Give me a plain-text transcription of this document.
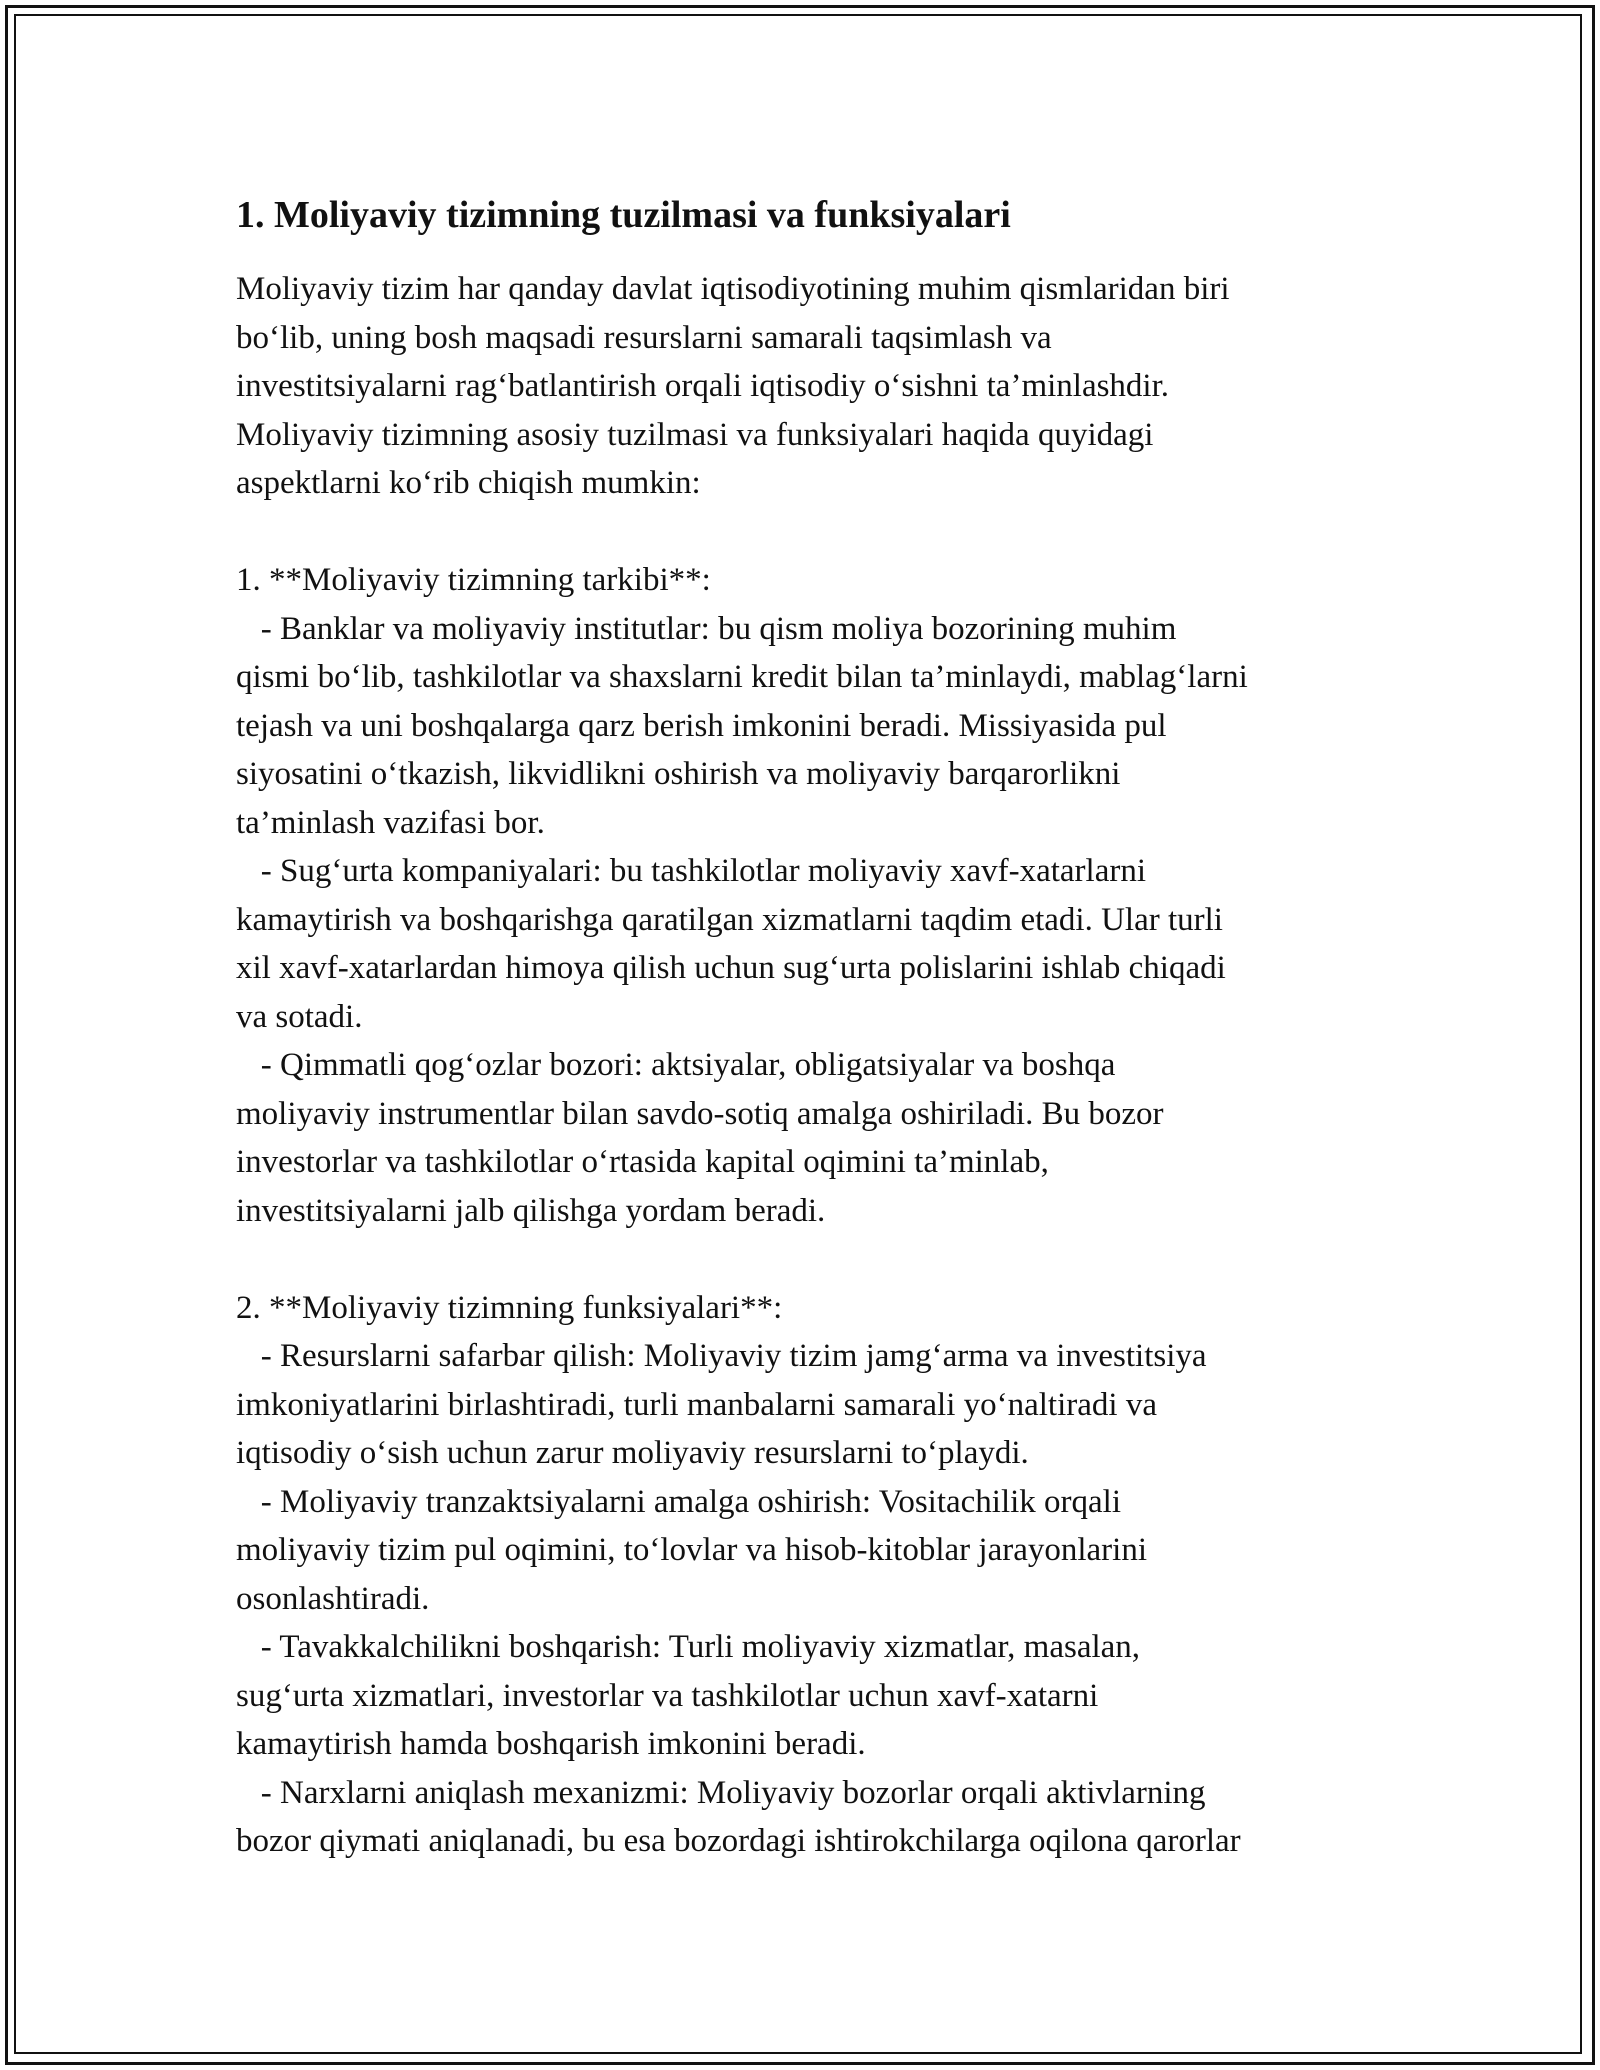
1. Moliyaviy tizimning tuzilmasi va funksiyalari
Moliyaviy tizim har qanday davlat iqtisodiyotining muhim qismlaridan biri
bo‘lib, uning bosh maqsadi resurslarni samarali taqsimlash va
investitsiyalarni rag‘batlantirish orqali iqtisodiy o‘sishni ta’minlashdir.
Moliyaviy tizimning asosiy tuzilmasi va funksiyalari haqida quyidagi
aspektlarni ko‘rib chiqish mumkin:
1. **Moliyaviy tizimning tarkibi**:
- Banklar va moliyaviy institutlar: bu qism moliya bozorining muhim
qismi bo‘lib, tashkilotlar va shaxslarni kredit bilan ta’minlaydi, mablag‘larni
tejash va uni boshqalarga qarz berish imkonini beradi. Missiyasida pul
siyosatini o‘tkazish, likvidlikni oshirish va moliyaviy barqarorlikni
ta’minlash vazifasi bor.
- Sug‘urta kompaniyalari: bu tashkilotlar moliyaviy xavf-xatarlarni
kamaytirish va boshqarishga qaratilgan xizmatlarni taqdim etadi. Ular turli
xil xavf-xatarlardan himoya qilish uchun sug‘urta polislarini ishlab chiqadi
va sotadi.
- Qimmatli qog‘ozlar bozori: aktsiyalar, obligatsiyalar va boshqa
moliyaviy instrumentlar bilan savdo-sotiq amalga oshiriladi. Bu bozor
investorlar va tashkilotlar o‘rtasida kapital oqimini ta’minlab,
investitsiyalarni jalb qilishga yordam beradi.
2. **Moliyaviy tizimning funksiyalari**:
- Resurslarni safarbar qilish: Moliyaviy tizim jamg‘arma va investitsiya
imkoniyatlarini birlashtiradi, turli manbalarni samarali yo‘naltiradi va
iqtisodiy o‘sish uchun zarur moliyaviy resurslarni to‘playdi.
- Moliyaviy tranzaktsiyalarni amalga oshirish: Vositachilik orqali
moliyaviy tizim pul oqimini, to‘lovlar va hisob-kitoblar jarayonlarini
osonlashtiradi.
- Tavakkalchilikni boshqarish: Turli moliyaviy xizmatlar, masalan,
sug‘urta xizmatlari, investorlar va tashkilotlar uchun xavf-xatarni
kamaytirish hamda boshqarish imkonini beradi.
- Narxlarni aniqlash mexanizmi: Moliyaviy bozorlar orqali aktivlarning
bozor qiymati aniqlanadi, bu esa bozordagi ishtirokchilarga oqilona qarorlar
